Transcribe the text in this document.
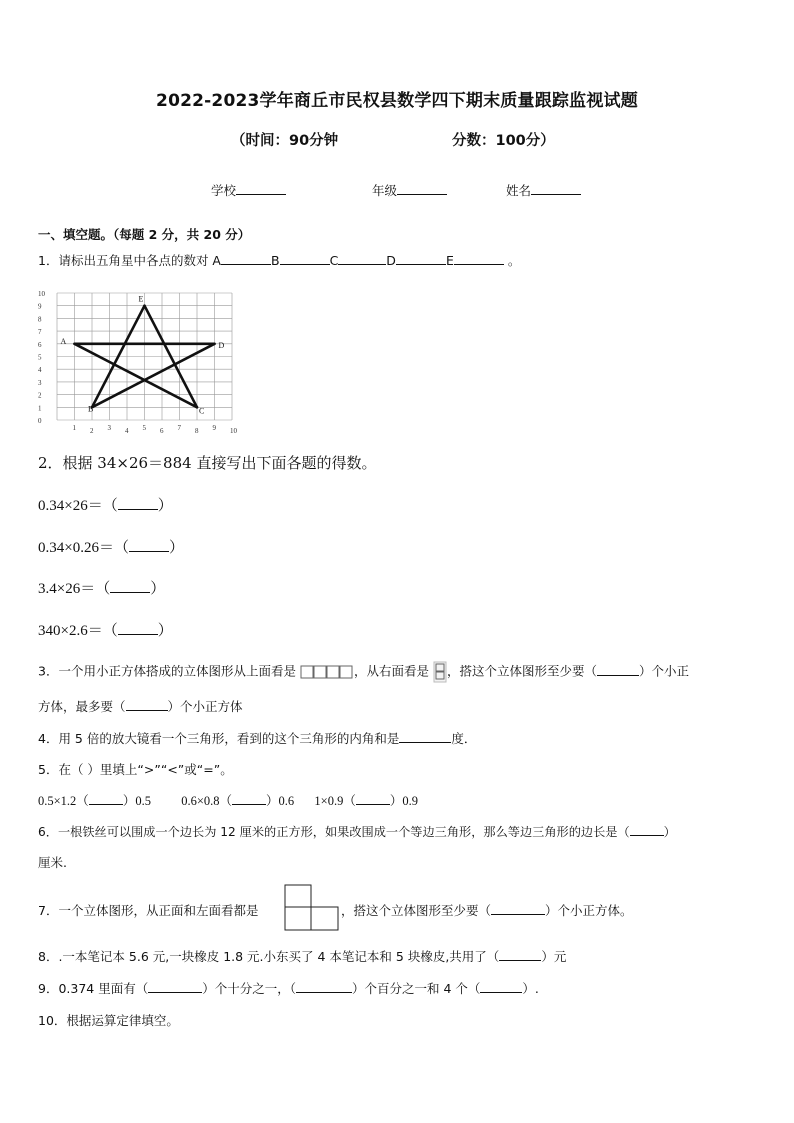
2022-2023学年商丘市民权县数学四下期末质量跟踪监视试题
（时间：90分钟	分数：100分）
学校	年级	姓名
一、填空题。（每题 2 分，共 20 分）
1．请标出五角星中各点的数对 A	B	C	D	E	。
10
9
8
7
6
5
4
3
2
1
0
1 2 3 4 5 6 7 8 9 10
A
B	C
D
E
2．根据 34×26＝884 直接写出下面各题的得数。
0.34×26＝（	）
0.34×0.26＝（	）
3.4×26＝（	）
340×2.6＝（	）
3．一个用小正方体搭成的立体图形从上面看是	，从右面看是 ，搭这个立体图形至少要（	）个小正
方体，最多要（	）个小正方体
4．用 5 倍的放大镜看一个三角形，看到的这个三角形的内角和是	度．
5．在（ ）里填上“>”“<”或“=”。
0.5×1.2（	）0.5 0.6×0.8（	）0.6 1×0.9（	）0.9
6．一根铁丝可以围成一个边长为 12 厘米的正方形，如果改围成一个等边三角形，那么等边三角形的边长是（	）
厘米.
7．一个立体图形，从正面和左面看都是	，搭这个立体图形至少要（	）个小正方体。
8．.一本笔记本 5.6 元,一块橡皮 1.8 元.小东买了 4 本笔记本和 5 块橡皮,共用了（	）元
9．0.374 里面有（	）个十分之一，（	）个百分之一和 4 个（	）.
10．根据运算定律填空。
